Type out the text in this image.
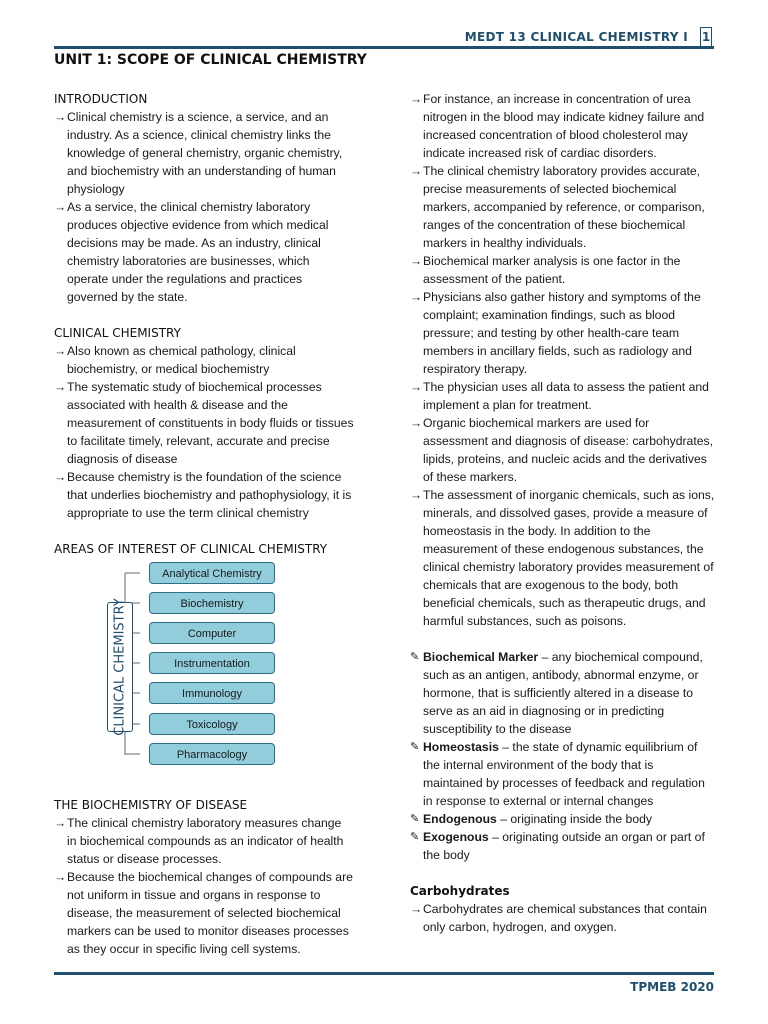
MEDT 13 CLINICAL CHEMISTRY I 1
UNIT 1: SCOPE OF CLINICAL CHEMISTRY
INTRODUCTION
→ Clinical chemistry is a science, a service, and an industry. As a science, clinical chemistry links the knowledge of general chemistry, organic chemistry, and biochemistry with an understanding of human physiology
→ As a service, the clinical chemistry laboratory produces objective evidence from which medical decisions may be made. As an industry, clinical chemistry laboratories are businesses, which operate under the regulations and practices governed by the state.
CLINICAL CHEMISTRY
→ Also known as chemical pathology, clinical biochemistry, or medical biochemistry
→ The systematic study of biochemical processes associated with health & disease and the measurement of constituents in body fluids or tissues to facilitate timely, relevant, accurate and precise diagnosis of disease
→ Because chemistry is the foundation of the science that underlies biochemistry and pathophysiology, it is appropriate to use the term clinical chemistry
AREAS OF INTEREST OF CLINICAL CHEMISTRY
CLINICAL CHEMISTRY
Analytical Chemistry
Biochemistry
Computer
Instrumentation
Immunology
Toxicology
Pharmacology
THE BIOCHEMISTRY OF DISEASE
→ The clinical chemistry laboratory measures change in biochemical compounds as an indicator of health status or disease processes.
→ Because the biochemical changes of compounds are not uniform in tissue and organs in response to disease, the measurement of selected biochemical markers can be used to monitor diseases processes as they occur in specific living cell systems.
→ For instance, an increase in concentration of urea nitrogen in the blood may indicate kidney failure and increased concentration of blood cholesterol may indicate increased risk of cardiac disorders.
→ The clinical chemistry laboratory provides accurate, precise measurements of selected biochemical markers, accompanied by reference, or comparison, ranges of the concentration of these biochemical markers in healthy individuals.
→ Biochemical marker analysis is one factor in the assessment of the patient.
→ Physicians also gather history and symptoms of the complaint; examination findings, such as blood pressure; and testing by other health-care team members in ancillary fields, such as radiology and respiratory therapy.
→ The physician uses all data to assess the patient and implement a plan for treatment.
→ Organic biochemical markers are used for assessment and diagnosis of disease: carbohydrates, lipids, proteins, and nucleic acids and the derivatives of these markers.
→ The assessment of inorganic chemicals, such as ions, minerals, and dissolved gases, provide a measure of homeostasis in the body. In addition to the measurement of these endogenous substances, the clinical chemistry laboratory provides measurement of chemicals that are exogenous to the body, both beneficial chemicals, such as therapeutic drugs, and harmful substances, such as poisons.
✎ Biochemical Marker – any biochemical compound, such as an antigen, antibody, abnormal enzyme, or hormone, that is sufficiently altered in a disease to serve as an aid in diagnosing or in predicting susceptibility to the disease
✎ Homeostasis – the state of dynamic equilibrium of the internal environment of the body that is maintained by processes of feedback and regulation in response to external or internal changes
✎ Endogenous – originating inside the body
✎ Exogenous – originating outside an organ or part of the body
Carbohydrates
→ Carbohydrates are chemical substances that contain only carbon, hydrogen, and oxygen.
TPMEB 2020
